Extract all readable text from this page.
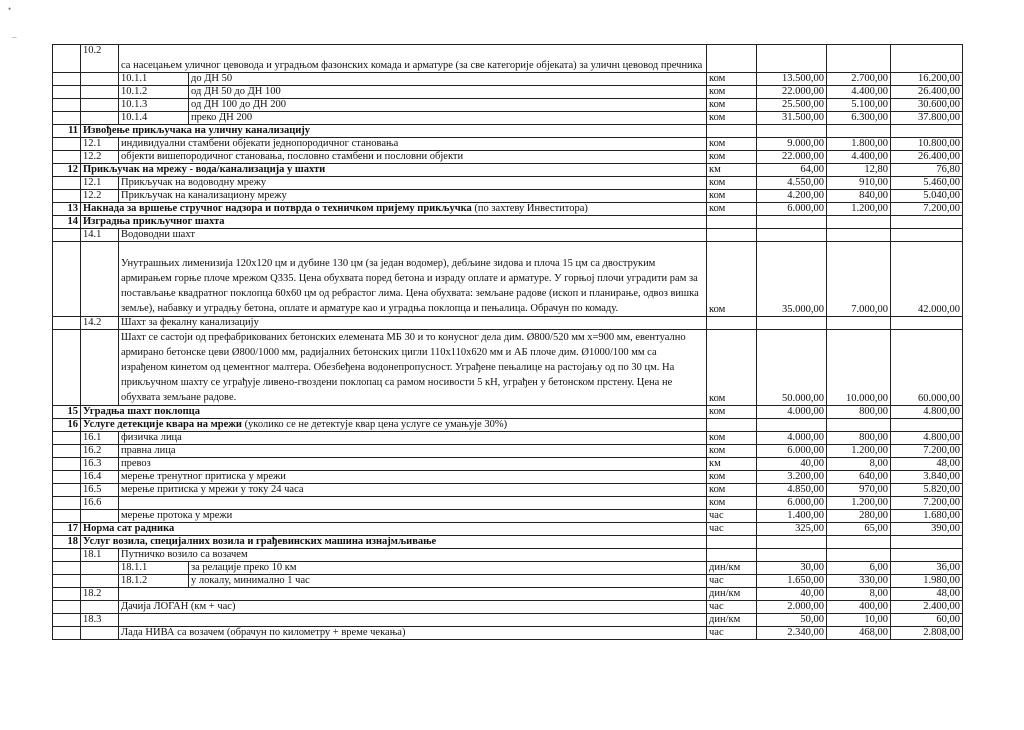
•
¯
	10.2	са насецањем уличног цевовода и уградњом фазонских комада и арматуре (за све категорије објеката) за уличнι цевовод пречника					
		10.1.1	до ДН 50	ком	13.500,00	2.700,00	16.200,00
		10.1.2	од ДН 50 до ДН 100	ком	22.000,00	4.400,00	26.400,00
		10.1.3	од ДН 100 до ДН 200	ком	25.500,00	5.100,00	30.600,00
		10.1.4	преко ДН 200	ком	31.500,00	6.300,00	37.800,00
11	Извођење прикључака на уличну канализацију						
	12.1	индивидуални стамбени објекати једнопородичног становања		ком	9.000,00	1.800,00	10.800,00
	12.2	објекти вишепородичног становања, пословно стамбени и пословни објекти		ком	22.000,00	4.400,00	26.400,00
12	Прикључак на мрежу - вода/канализација у шахти			км	64,00	12,80	76,80
	12.1	Прикључак на водоводну мрежу		ком	4.550,00	910,00	5.460,00
	12.2	Прикључак на канализациону мрежу		ком	4.200,00	840,00	5.040,00
13	Накнада за вршење стручног надзора и потврда о техничком пријему прикључка (по захтеву Инвеститора)			ком	6.000,00	1.200,00	7.200,00
14	Изградња прикључног шахта						
	14.1	Водоводни шахт					
		Унутрашњих лименизија 120x120 цм и дубине 130 цм (за један водомер), дебљине зидова и плоча 15 цм са двоструким армирањем горње плоче мрежом Q335. Цена обухвата поред бетона и израду оплате и арматуре. У горњој плочи уградити рам за постављање квадратног поклопца 60x60 цм од ребрастог лима. Цена обухвата: земљане радове (ископ и планирање, одвоз вишка земље), набавку и уградњу бетона, оплате и арматуре као и уградња поклопца и пењалица. Обрачун по комаду.		ком	35.000,00	7.000,00	42.000,00
	14.2	Шахт за фекалну канализацију					
		Шахт се састоји од префабрикованих бетонских елемената МБ 30 и то конусног дела дим. Ø800/520 мм х=900 мм, евентуално армирано бетонске цеви Ø800/1000 мм, радијалних бетонских цигли 110x110x620 мм и АБ плоче дим. Ø1000/100 мм са израђеном кинетом од цементног малтера. Обезбеђена водонепропусност. Уграђене пењалице на растојању од по 30 цм. На прикључном шахту се уграђује ливено-гвоздени поклопац са рамом носивости 5 кН, уграђен у бетонском прстену. Цена не обухвата земљане радове.		ком	50.000,00	10.000,00	60.000,00
15	Уградња шахт поклопца			ком	4.000,00	800,00	4.800,00
16	Услуге детекције квара на мрежи (уколико се не детектује квар цена услуге се умањује 30%)						
	16.1	физичка лица		ком	4.000,00	800,00	4.800,00
	16.2	правна лица		ком	6.000,00	1.200,00	7.200,00
	16.3	превоз		км	40,00	8,00	48,00
	16.4	мерење тренутног притиска у мрежи		ком	3.200,00	640,00	3.840,00
	16.5	мерење притиска у мрежи у току 24 часа		ком	4.850,00	970,00	5.820,00
	16.6			ком	6.000,00	1.200,00	7.200,00
		мерење протока у мрежи		час	1.400,00	280,00	1.680,00
17	Норма сат радника			час	325,00	65,00	390,00
18	Услуг возила, специјалних возила и грађевинских машина изнајмљивање						
	18.1	Путничко возило са возачем					
		18.1.1	за релације преко 10 км	дин/км	30,00	6,00	36,00
		18.1.2	у локалу, минимално 1 час	час	1.650,00	330,00	1.980,00
	18.2			дин/км	40,00	8,00	48,00
		Дачија ЛОГАН (км + час)		час	2.000,00	400,00	2.400,00
	18.3			дин/км	50,00	10,00	60,00
		Лада НИВА са возачем (обрачун по километру + време чекања)		час	2.340,00	468,00	2.808,00
